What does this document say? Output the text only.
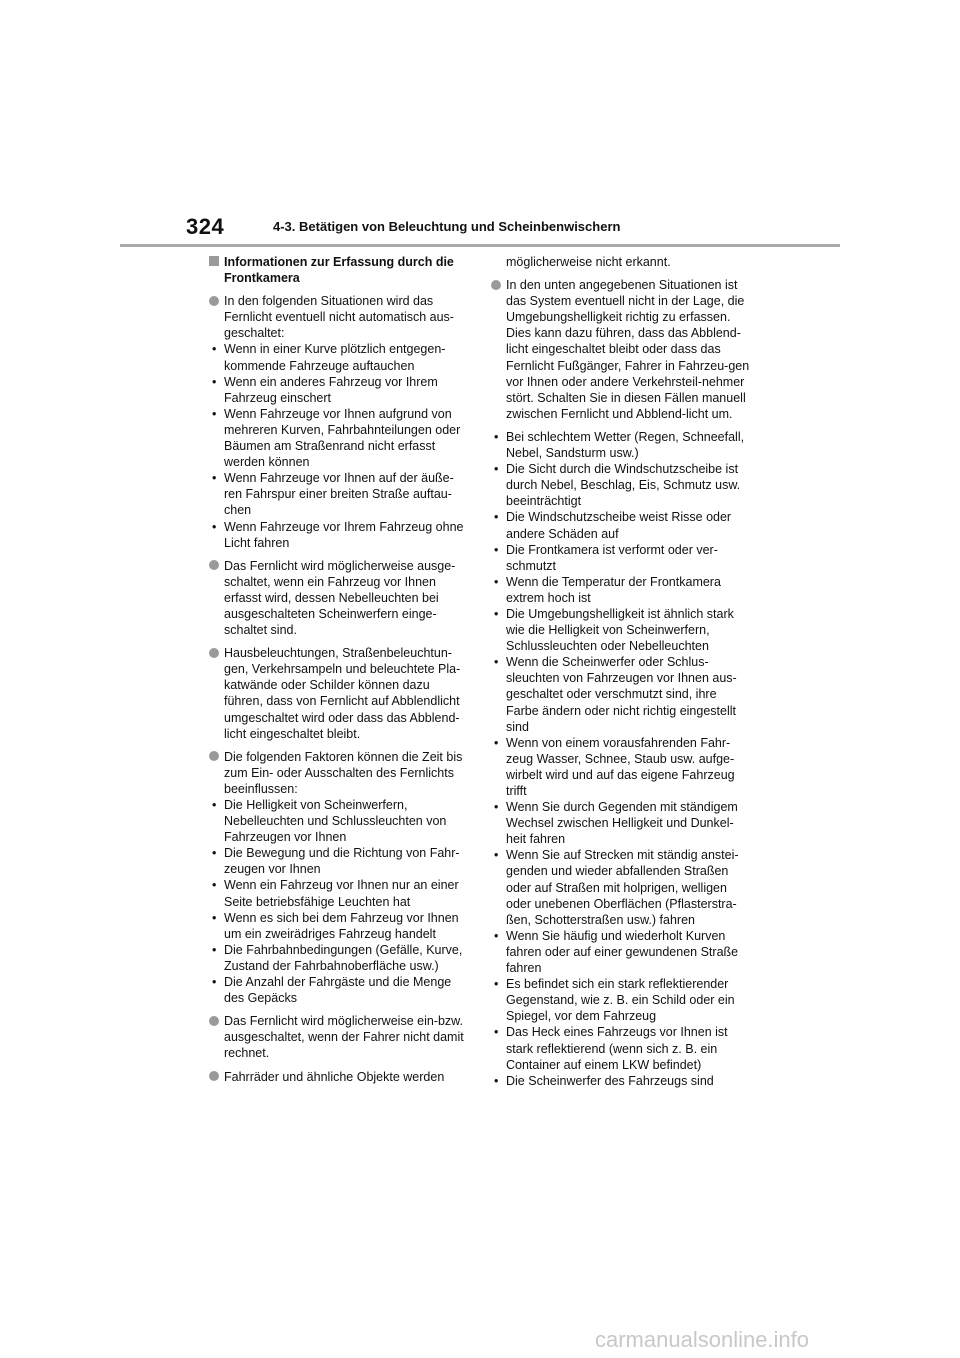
324	4-3. Betätigen von Beleuchtung und Scheinbenwischern
Informationen zur Erfassung durch die Frontkamera
In den folgenden Situationen wird das Fernlicht eventuell nicht automatisch aus-geschaltet:
• Wenn in einer Kurve plötzlich entgegen-kommende Fahrzeuge auftauchen
• Wenn ein anderes Fahrzeug vor Ihrem Fahrzeug einschert
• Wenn Fahrzeuge vor Ihnen aufgrund von mehreren Kurven, Fahrbahnteilungen oder Bäumen am Straßenrand nicht erfasst werden können
• Wenn Fahrzeuge vor Ihnen auf der äuße-ren Fahrspur einer breiten Straße auftau-chen
• Wenn Fahrzeuge vor Ihrem Fahrzeug ohne Licht fahren
Das Fernlicht wird möglicherweise ausge-schaltet, wenn ein Fahrzeug vor Ihnen erfasst wird, dessen Nebelleuchten bei ausgeschalteten Scheinwerfern einge-schaltet sind.
Hausbeleuchtungen, Straßenbeleuchtun-gen, Verkehrsampeln und beleuchtete Pla-katwände oder Schilder können dazu führen, dass von Fernlicht auf Abblendlicht umgeschaltet wird oder dass das Abblend-licht eingeschaltet bleibt.
Die folgenden Faktoren können die Zeit bis zum Ein- oder Ausschalten des Fernlichts beeinflussen:
• Die Helligkeit von Scheinwerfern, Nebelleuchten und Schlussleuchten von Fahrzeugen vor Ihnen
• Die Bewegung und die Richtung von Fahr-zeugen vor Ihnen
• Wenn ein Fahrzeug vor Ihnen nur an einer Seite betriebsfähige Leuchten hat
• Wenn es sich bei dem Fahrzeug vor Ihnen um ein zweirädriges Fahrzeug handelt
• Die Fahrbahnbedingungen (Gefälle, Kurve, Zustand der Fahrbahnoberfläche usw.)
• Die Anzahl der Fahrgäste und die Menge des Gepäcks
Das Fernlicht wird möglicherweise ein-bzw. ausgeschaltet, wenn der Fahrer nicht damit rechnet.
Fahrräder und ähnliche Objekte werden
möglicherweise nicht erkannt.
In den unten angegebenen Situationen ist das System eventuell nicht in der Lage, die Umgebungshelligkeit richtig zu erfassen. Dies kann dazu führen, dass das Abblend-licht eingeschaltet bleibt oder dass das Fernlicht Fußgänger, Fahrer in Fahrzeu-gen vor Ihnen oder andere Verkehrsteil-nehmer stört. Schalten Sie in diesen Fällen manuell zwischen Fernlicht und Abblend-licht um.
• Bei schlechtem Wetter (Regen, Schneefall, Nebel, Sandsturm usw.)
• Die Sicht durch die Windschutzscheibe ist durch Nebel, Beschlag, Eis, Schmutz usw. beeinträchtigt
• Die Windschutzscheibe weist Risse oder andere Schäden auf
• Die Frontkamera ist verformt oder ver-schmutzt
• Wenn die Temperatur der Frontkamera extrem hoch ist
• Die Umgebungshelligkeit ist ähnlich stark wie die Helligkeit von Scheinwerfern, Schlussleuchten oder Nebelleuchten
• Wenn die Scheinwerfer oder Schlus-sleuchten von Fahrzeugen vor Ihnen aus-geschaltet oder verschmutzt sind, ihre Farbe ändern oder nicht richtig eingestellt sind
• Wenn von einem vorausfahrenden Fahr-zeug Wasser, Schnee, Staub usw. aufge-wirbelt wird und auf das eigene Fahrzeug trifft
• Wenn Sie durch Gegenden mit ständigem Wechsel zwischen Helligkeit und Dunkel-heit fahren
• Wenn Sie auf Strecken mit ständig anstei-genden und wieder abfallenden Straßen oder auf Straßen mit holprigen, welligen oder unebenen Oberflächen (Pflasterstra-ßen, Schotterstraßen usw.) fahren
• Wenn Sie häufig und wiederholt Kurven fahren oder auf einer gewundenen Straße fahren
• Es befindet sich ein stark reflektierender Gegenstand, wie z. B. ein Schild oder ein Spiegel, vor dem Fahrzeug
• Das Heck eines Fahrzeugs vor Ihnen ist stark reflektierend (wenn sich z. B. ein Container auf einem LKW befindet)
• Die Scheinwerfer des Fahrzeugs sind
carmanualsonline.info
